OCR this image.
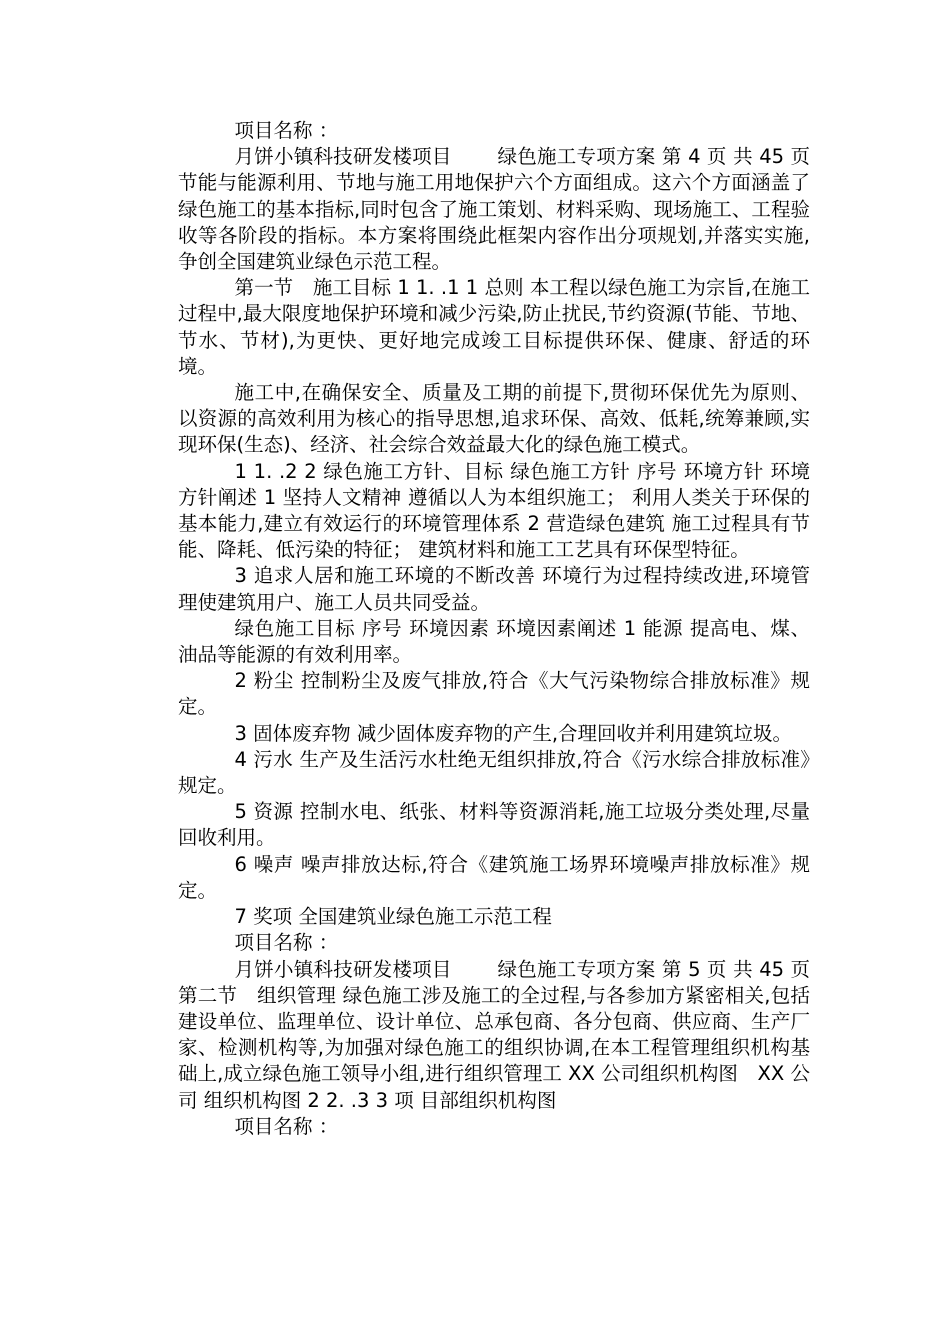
项目名称 ：

月饼小镇科技研发楼项目　　 绿色施工专项方案 第 4 页 共 45 页 节能与能源利用、节地与施工用地保护六个方面组成。这六个方面涵盖了绿色施工的基本指标,同时包含了施工策划、材料采购、现场施工、工程验收等各阶段的指标。本方案将围绕此框架内容作出分项规划,并落实实施,争创全国建筑业绿色示范工程。

第一节　施工目标 1 1. .1 1 总则 本工程以绿色施工为宗旨,在施工过程中,最大限度地保护环境和减少污染,防止扰民,节约资源(节能、节地、节水、节材),为更快、更好地完成竣工目标提供环保、健康、舒适的环境。

施工中,在确保安全、质量及工期的前提下,贯彻环保优先为原则、以资源的高效利用为核心的指导思想,追求环保、高效、低耗,统筹兼顾,实现环保(生态)、经济、社会综合效益最大化的绿色施工模式。

1 1. .2 2 绿色施工方针、目标 绿色施工方针 序号 环境方针 环境方针阐述 1 坚持人文精神 遵循以人为本组织施工； 利用人类关于环保的基本能力,建立有效运行的环境管理体系 2 营造绿色建筑 施工过程具有节能、降耗、低污染的特征； 建筑材料和施工工艺具有环保型特征。

3 追求人居和施工环境的不断改善 环境行为过程持续改进,环境管理使建筑用户、施工人员共同受益。

绿色施工目标 序号 环境因素 环境因素阐述 1 能源 提高电、煤、油品等能源的有效利用率。

2 粉尘 控制粉尘及废气排放,符合《大气污染物综合排放标准》规定。

3 固体废弃物 减少固体废弃物的产生,合理回收并利用建筑垃圾。

4 污水 生产及生活污水杜绝无组织排放,符合《污水综合排放标准》规定。

5 资源 控制水电、纸张、材料等资源消耗,施工垃圾分类处理,尽量回收利用。

6 噪声 噪声排放达标,符合《建筑施工场界环境噪声排放标准》规定。

7 奖项 全国建筑业绿色施工示范工程

项目名称 ：

月饼小镇科技研发楼项目　　 绿色施工专项方案 第 5 页 共 45 页 第二节　组织管理 绿色施工涉及施工的全过程,与各参加方紧密相关,包括建设单位、监理单位、设计单位、总承包商、各分包商、供应商、生产厂家、检测机构等,为加强对绿色施工的组织协调,在本工程管理组织机构基础上,成立绿色施工领导小组,进行组织管理工 XX 公司组织机构图　XX 公司 组织机构图 2 2. .3 3 项 目部组织机构图

项目名称 ：
